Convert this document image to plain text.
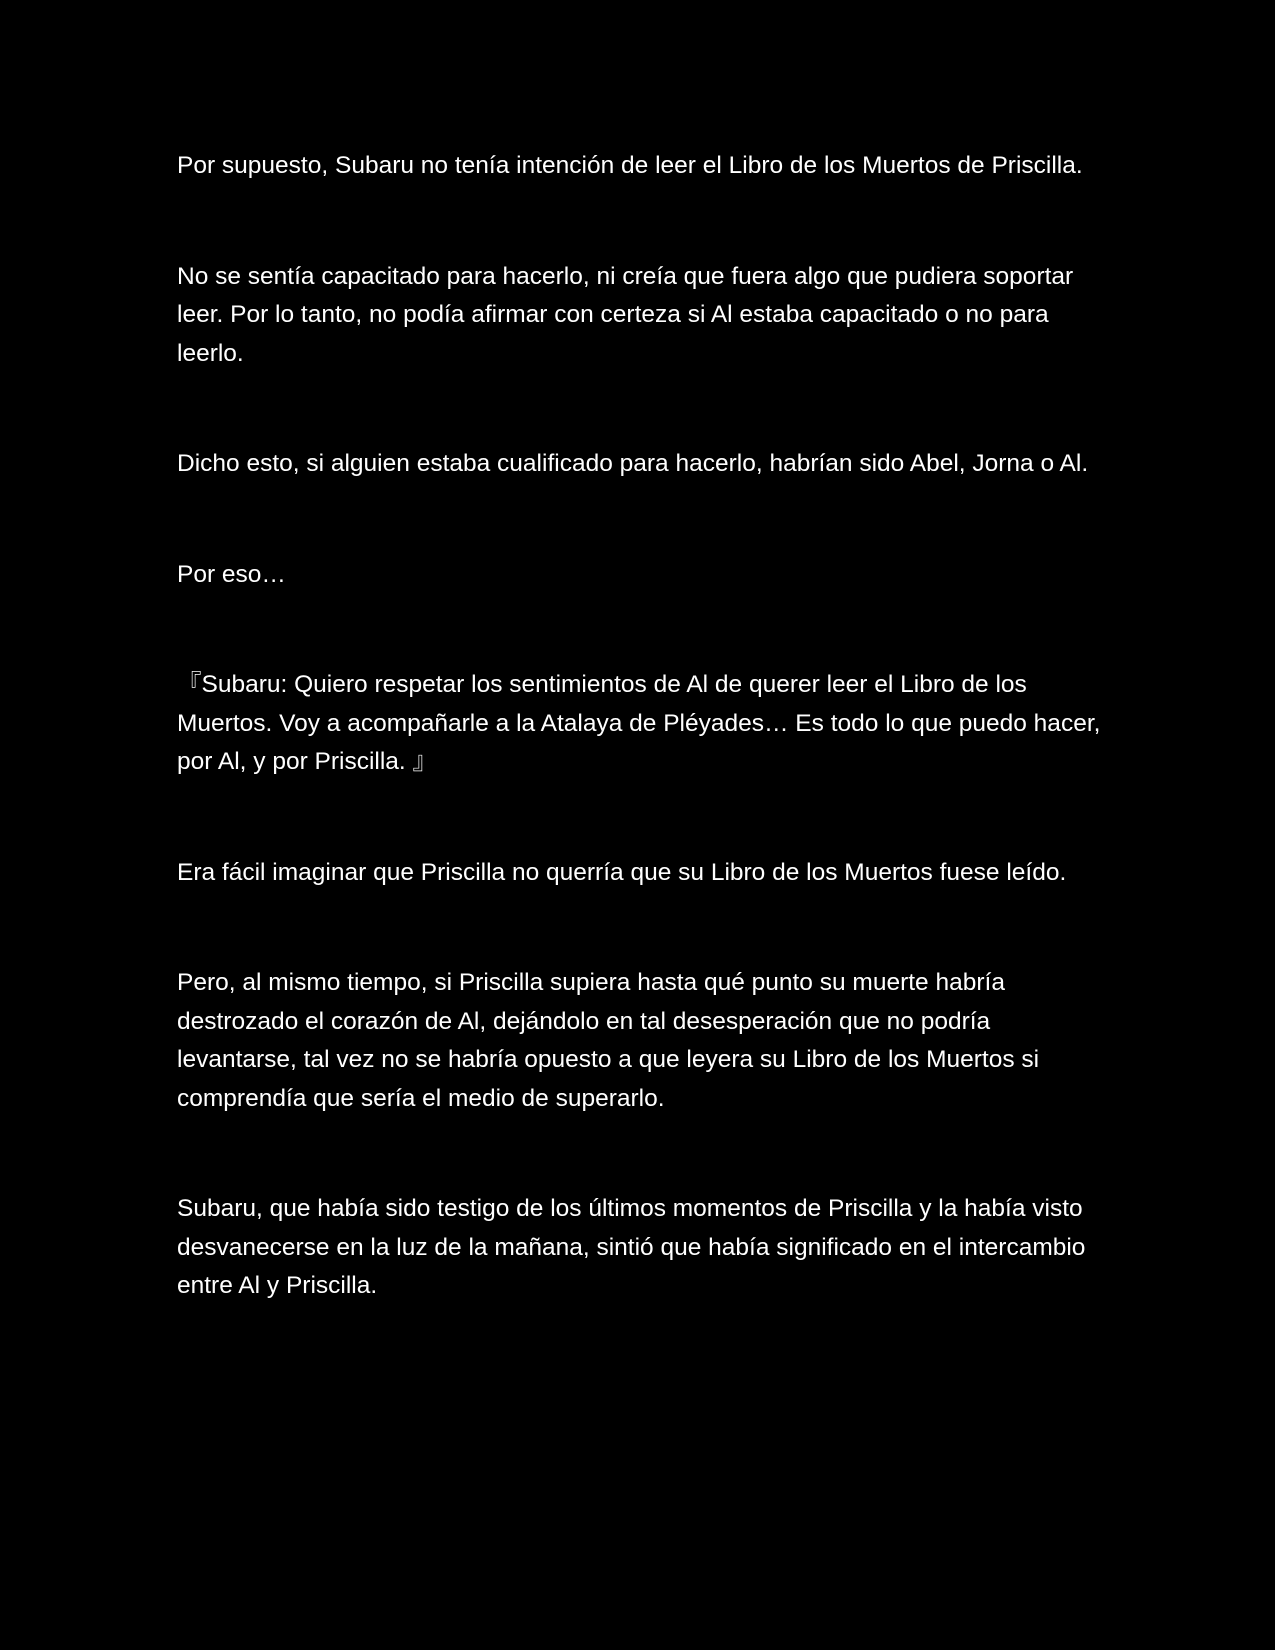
Por supuesto, Subaru no tenía intención de leer el Libro de los Muertos de Priscilla.

No se sentía capacitado para hacerlo, ni creía que fuera algo que pudiera soportar leer. Por lo tanto, no podía afirmar con certeza si Al estaba capacitado o no para leerlo.

Dicho esto, si alguien estaba cualificado para hacerlo, habrían sido Abel, Jorna o Al.

Por eso…

『Subaru: Quiero respetar los sentimientos de Al de querer leer el Libro de los Muertos. Voy a acompañarle a la Atalaya de Pléyades… Es todo lo que puedo hacer, por Al, y por Priscilla. 』

Era fácil imaginar que Priscilla no querría que su Libro de los Muertos fuese leído.

Pero, al mismo tiempo, si Priscilla supiera hasta qué punto su muerte habría destrozado el corazón de Al, dejándolo en tal desesperación que no podría levantarse, tal vez no se habría opuesto a que leyera su Libro de los Muertos si comprendía que sería el medio de superarlo.

Subaru, que había sido testigo de los últimos momentos de Priscilla y la había visto desvanecerse en la luz de la mañana, sintió que había significado en el intercambio entre Al y Priscilla.
